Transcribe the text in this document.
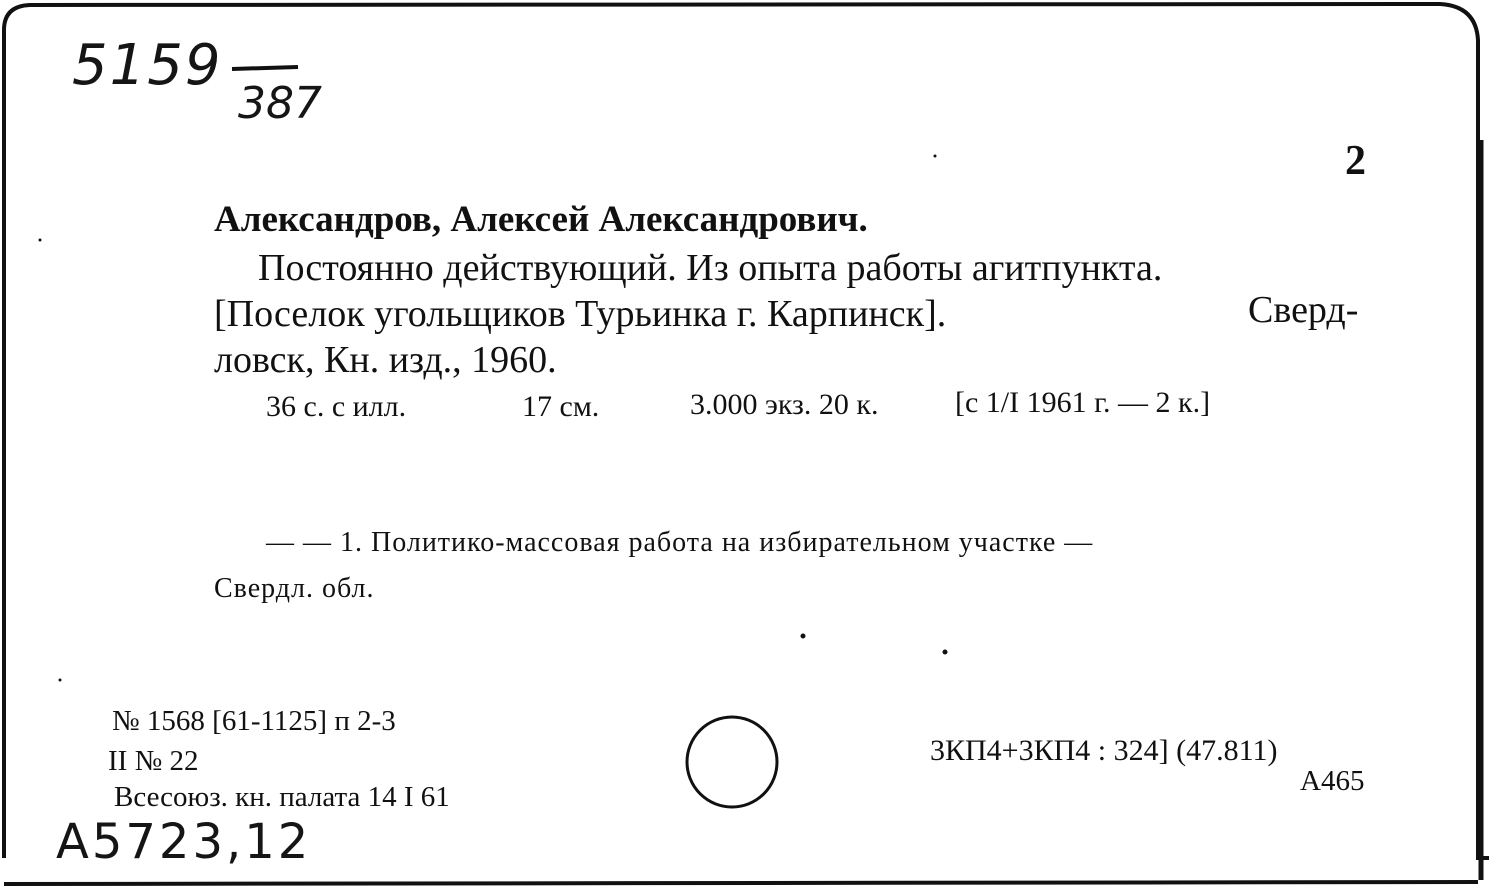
5159
387
2
Александров, Алексей Александрович.
Постоянно действующий. Из опыта работы агитпункта.
[Поселок угольщиков Турьинка г. Карпинск].	Сверд-
ловск, Кн. изд., 1960.
36 с. с илл.	17 см.	3.000 экз. 20 к.	[с 1/I 1961 г. — 2 к.]
— — 1. Политико-массовая работа на избирательном участке —
Свердл. обл.
№ 1568 [61-1125] п 2-3
II № 22
Всесоюз. кн. палата 14 I 61
A5723,12
3КП4+3КП4 : 324] (47.811)
А465
